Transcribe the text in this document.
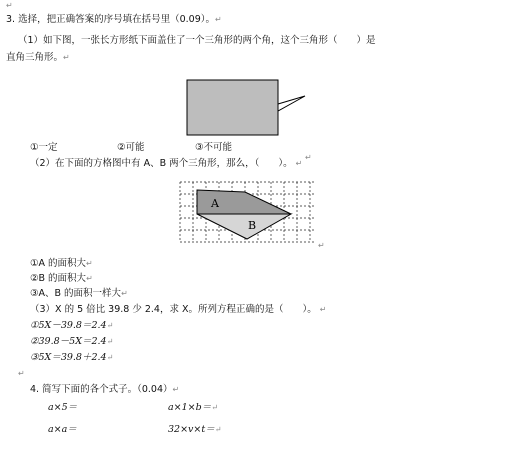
↵
3. 选择，把正确答案的序号填在括号里（0.09）。↵
（1）如下图，一张长方形纸下面盖住了一个三角形的两个角，这个三角形（　　）是
直角三角形。↵
①一定	②可能	③不可能
↵
（2）在下面的方格图中有 A、B 两个三角形，那么，（　　）。 ↵
A
B
↵
①A 的面积大↵
②B 的面积大↵
③A、B 的面积一样大↵
（3）X 的 5 倍比 39.8 少 2.4，求 X。所列方程正确的是（　　）。 ↵
①5X－39.8＝2.4↵
②39.8－5X＝2.4↵
③5X＝39.8＋2.4↵
↵
4. 简写下面的各个式子。（0.04）↵
a×5＝	a×1×b＝↵
a×a＝	32×v×t＝↵
